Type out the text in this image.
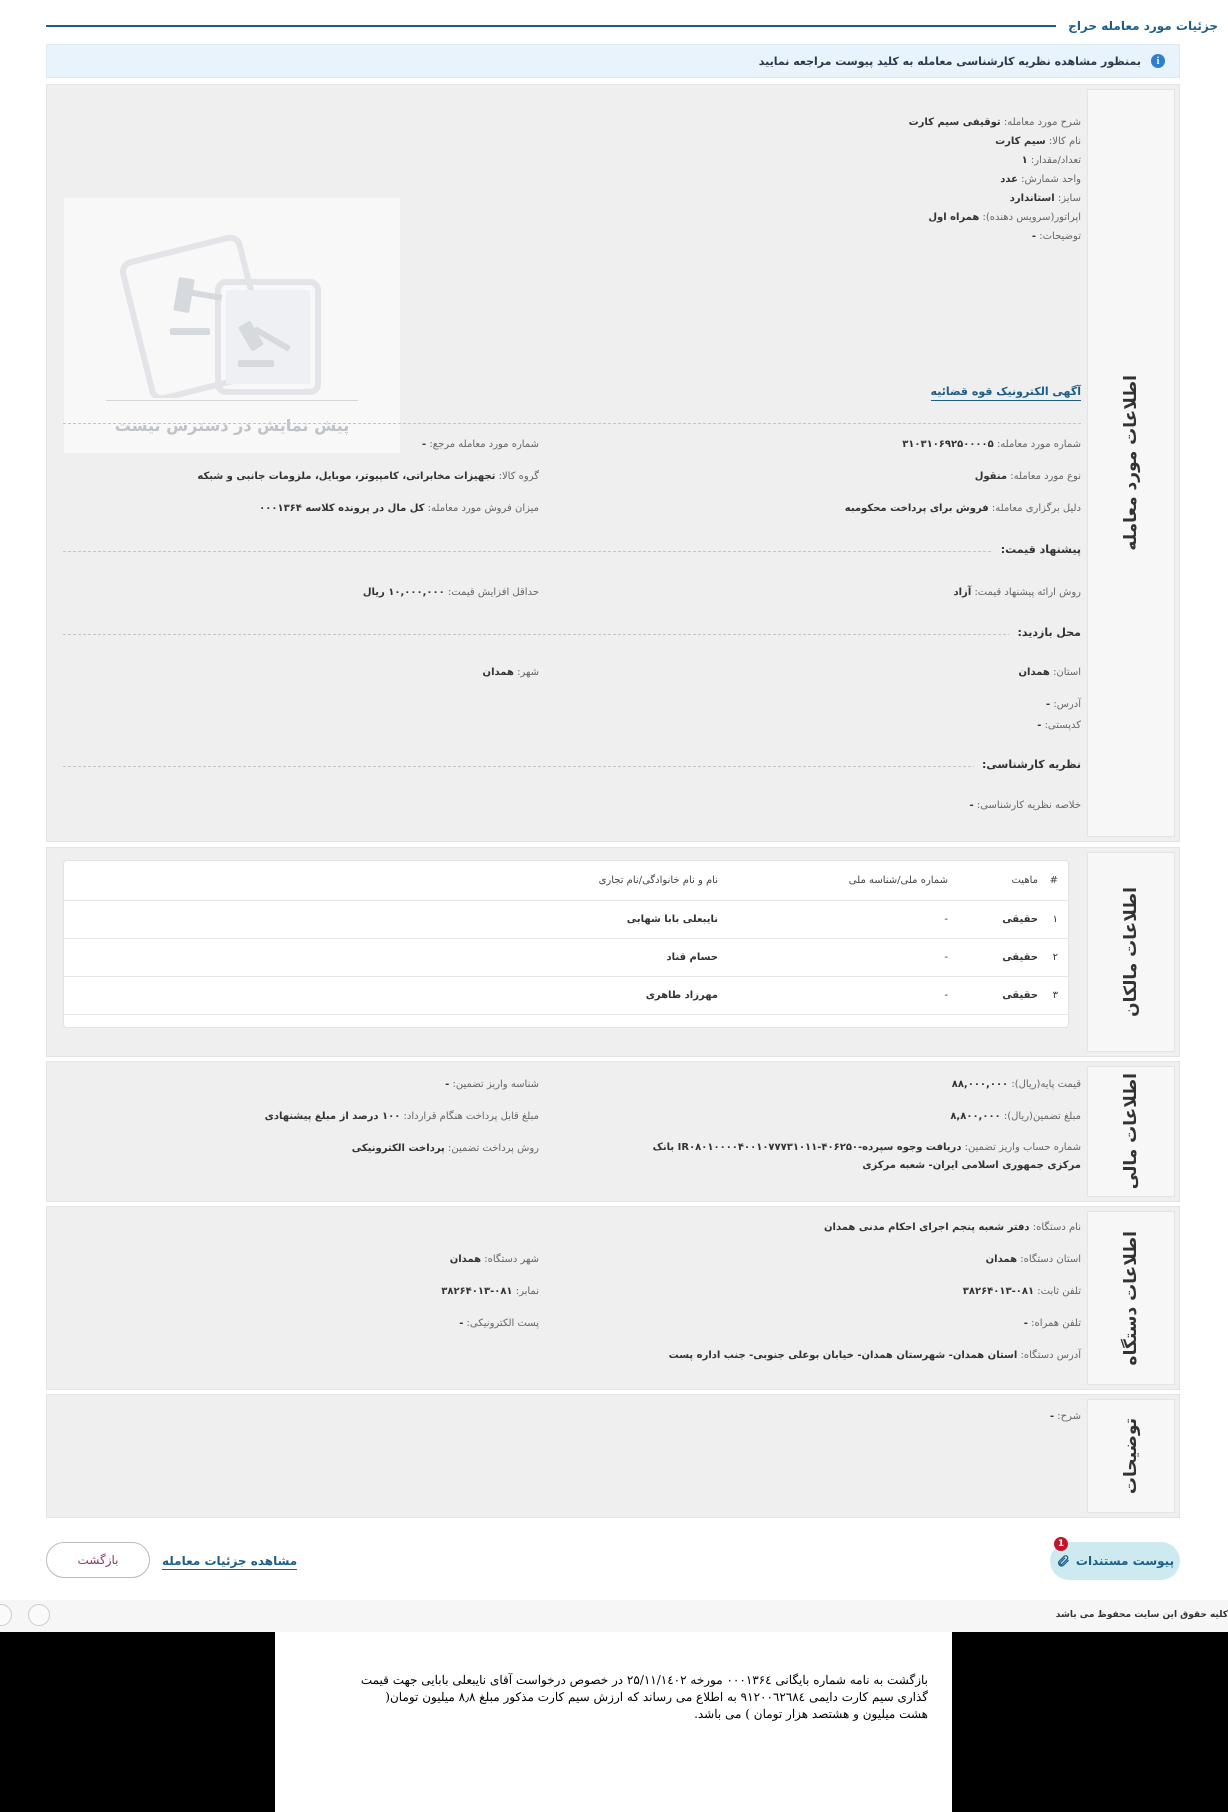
جزئیات مورد معامله حراج
i
بمنظور مشاهده نظریه کارشناسی معامله به کلید پیوست مراجعه نمایید
اطلاعات مورد معامله
شرح مورد معامله: توقیفی سیم کارت
نام کالا: سیم کارت
تعداد/مقدار: ۱
واحد شمارش: عدد
سایز: استاندارد
اپراتور(سرویس دهنده): همراه اول
توضیحات: -
پیش نمایش در دسترس نیست
آگهی الکترونیک قوه قضائیه
شماره مورد معامله: ۳۱۰۳۱۰۶۹۲۵۰۰۰۰۵
شماره مورد معامله مرجع: -
نوع مورد معامله: منقول
گروه کالا: تجهیزات مخابراتی، کامپیوتر، موبایل، ملزومات جانبی و شبکه
دلیل برگزاری معامله: فروش برای پرداخت محکومبه
میزان فروش مورد معامله: کل مال در پرونده کلاسه ۰۰۰۱۳۶۴
پیشنهاد قیمت:
روش ارائه پیشنهاد قیمت: آزاد
حداقل افزایش قیمت: ۱۰,۰۰۰,۰۰۰ ریال
محل بازدید:
استان: همدان
شهر: همدان
آدرس: -
کدپستی: -
نظریه کارشناسی:
خلاصه نظریه کارشناسی: -
اطلاعات مالکان
#
ماهیت
شماره ملی/شناسه ملی
نام و نام خانوادگی/نام تجاری
۱
حقیقی
-
نایبعلی بابا شهابی
۲
حقیقی
-
حسام قناد
۳
حقیقی
-
مهرزاد طاهری
اطلاعات مالی
قیمت پایه(ریال): ۸۸,۰۰۰,۰۰۰
شناسه واریز تضمین: -
مبلغ تضمین(ریال): ۸,۸۰۰,۰۰۰
مبلغ قابل پرداخت هنگام قرارداد: ۱۰۰ درصد از مبلغ پیشنهادی
شماره حساب واریز تضمین: دریافت وجوه سپرده-IR۰۸۰۱۰۰۰۰۴۰۰۱۰۷۷۷۳۱۰۱۱-۴۰۶۲۵۰ بانک مرکزی جمهوری اسلامی ایران- شعبه مرکزی
روش پرداخت تضمین: پرداخت الکترونیکی
اطلاعات دستگاه
نام دستگاه: دفتر شعبه پنجم اجرای احکام مدنی همدان
استان دستگاه: همدان
شهر دستگاه: همدان
تلفن ثابت: ۰۸۱-۳۸۲۶۴۰۱۳
نمابر: ۰۸۱-۳۸۲۶۴۰۱۳
تلفن همراه: -
پست الکترونیکی: -
آدرس دستگاه: استان همدان- شهرستان همدان- خیابان بوعلی جنوبی- جنب اداره پست
توضیحات
شرح: -
1
پیوست مستندات
مشاهده جزئیات معامله
بازگشت
کلیه حقوق این سایت محفوظ می باشد
بازگشت به نامه شماره بایگانی ۰۰۰۱۳۶٤ مورخه ۲۵/۱۱/۱٤۰۲ در خصوص درخواست آقای نایبعلی بابایی جهت قیمت گذاری سیم کارت دایمی ۹۱۲۰۰٦۲٦۸٤ به اطلاع می رساند که ارزش سیم کارت مذکور مبلغ ۸٫۸ میلیون تومان( هشت میلیون و هشتصد هزار تومان ) می باشد.
